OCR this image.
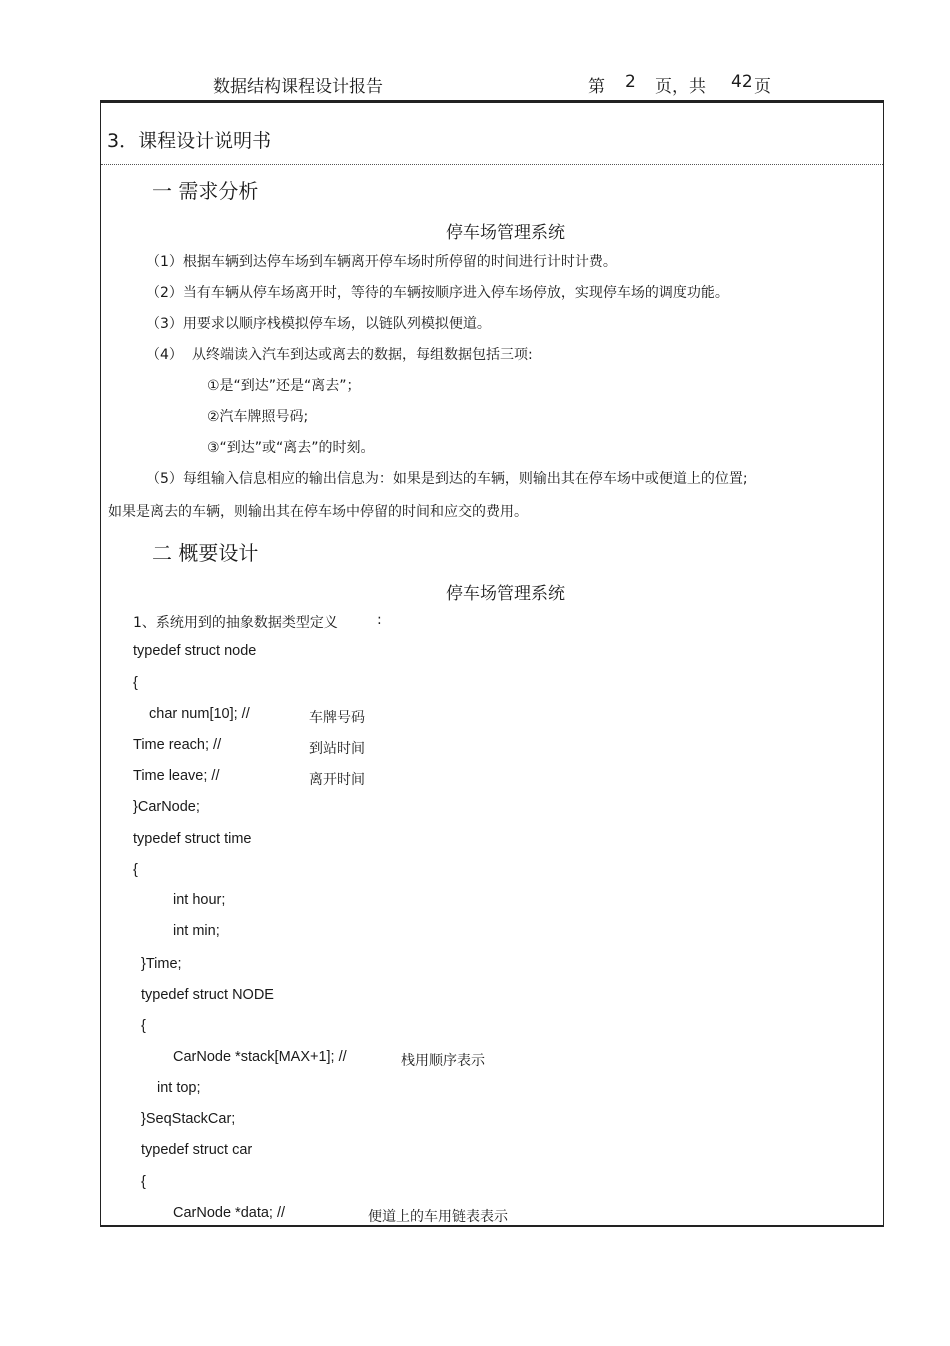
数据结构课程设计报告	第 2 页，共 42 页
3．课程设计说明书
一 需求分析
停车场管理系统
（1）根据车辆到达停车场到车辆离开停车场时所停留的时间进行计时计费。
（2）当有车辆从停车场离开时，等待的车辆按顺序进入停车场停放，实现停车场的调度功能。
（3）用要求以顺序栈模拟停车场，以链队列模拟便道。
（4） 从终端读入汽车到达或离去的数据，每组数据包括三项:
①是“到达”还是“离去”；
②汽车牌照号码;
③“到达”或“离去”的时刻。
（5）每组输入信息相应的输出信息为：如果是到达的车辆，则输出其在停车场中或便道上的位置;
如果是离去的车辆，则输出其在停车场中停留的时间和应交的费用。
二 概要设计
停车场管理系统
1、系统用到的抽象数据类型定义	:
typedef struct node
{
char num[10]; //	车牌号码
Time reach; //	到站时间
Time leave; //	离开时间
}CarNode;
typedef struct time
{
int hour;
int min;
}Time;
typedef struct NODE
{
CarNode *stack[MAX+1]; //	栈用顺序表示
int top;
}SeqStackCar;
typedef struct car
{
CarNode *data; //	便道上的车用链表表示
